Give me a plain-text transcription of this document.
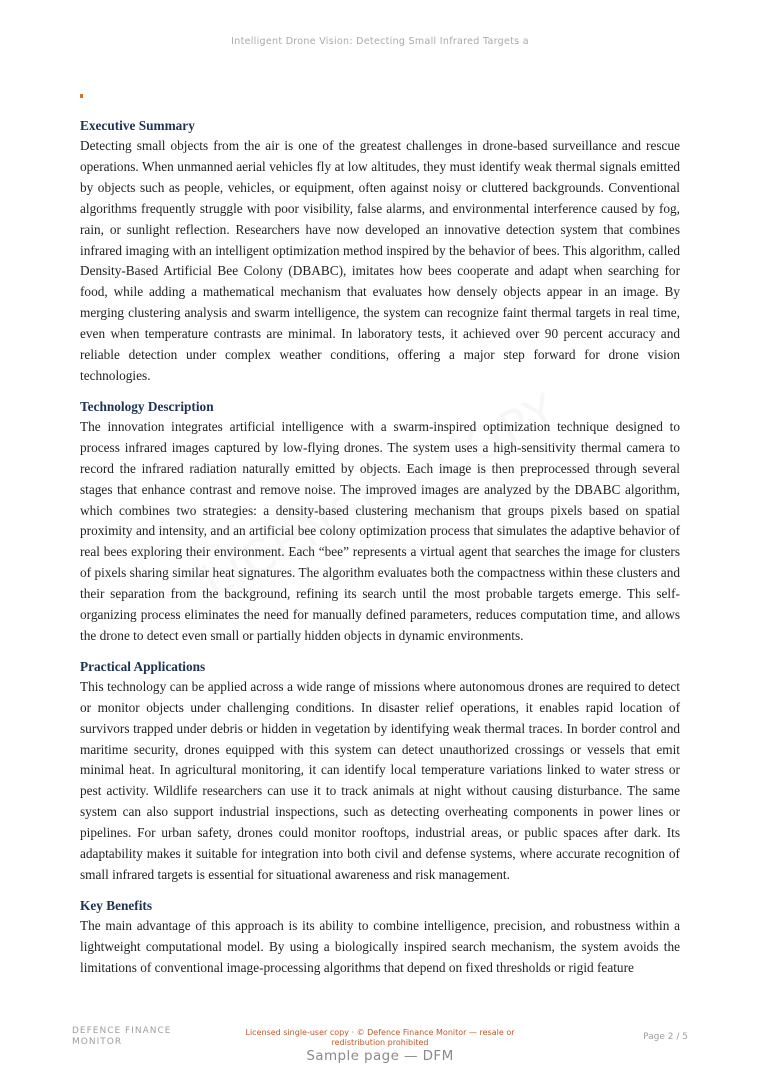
Intelligent Drone Vision: Detecting Small Infrared Targets a
Executive Summary

Detecting small objects from the air is one of the greatest challenges in drone-based surveillance and rescue operations. When unmanned aerial vehicles fly at low altitudes, they must identify weak thermal signals emitted by objects such as people, vehicles, or equipment, often against noisy or cluttered backgrounds. Conventional algorithms frequently struggle with poor visibility, false alarms, and environmental interference caused by fog, rain, or sunlight reflection. Researchers have now developed an innovative detection system that combines infrared imaging with an intelligent optimization method inspired by the behavior of bees. This algorithm, called Density-Based Artificial Bee Colony (DBABC), imitates how bees cooperate and adapt when searching for food, while adding a mathematical mechanism that evaluates how densely objects appear in an image. By merging clustering analysis and swarm intelligence, the system can recognize faint thermal targets in real time, even when temperature contrasts are minimal. In laboratory tests, it achieved over 90 percent accuracy and reliable detection under complex weather conditions, offering a major step forward for drone vision technologies.

Technology Description

The innovation integrates artificial intelligence with a swarm-inspired optimization technique designed to process infrared images captured by low-flying drones. The system uses a high-sensitivity thermal camera to record the infrared radiation naturally emitted by objects. Each image is then preprocessed through several stages that enhance contrast and remove noise. The improved images are analyzed by the DBABC algorithm, which combines two strategies: a density-based clustering mechanism that groups pixels based on spatial proximity and intensity, and an artificial bee colony optimization process that simulates the adaptive behavior of real bees exploring their environment. Each “bee” represents a virtual agent that searches the image for clusters of pixels sharing similar heat signatures. The algorithm evaluates both the compactness within these clusters and their separation from the background, refining its search until the most probable targets emerge. This self-organizing process eliminates the need for manually defined parameters, reduces computation time, and allows the drone to detect even small or partially hidden objects in dynamic environments.

Practical Applications

This technology can be applied across a wide range of missions where autonomous drones are required to detect or monitor objects under challenging conditions. In disaster relief operations, it enables rapid location of survivors trapped under debris or hidden in vegetation by identifying weak thermal traces. In border control and maritime security, drones equipped with this system can detect unauthorized crossings or vessels that emit minimal heat. In agricultural monitoring, it can identify local temperature variations linked to water stress or pest activity. Wildlife researchers can use it to track animals at night without causing disturbance. The same system can also support industrial inspections, such as detecting overheating components in power lines or pipelines. For urban safety, drones could monitor rooftops, industrial areas, or public spaces after dark. Its adaptability makes it suitable for integration into both civil and defense systems, where accurate recognition of small infrared targets is essential for situational awareness and risk management.

Key Benefits

The main advantage of this approach is its ability to combine intelligence, precision, and robustness within a lightweight computational model. By using a biologically inspired search mechanism, the system avoids the limitations of conventional image-processing algorithms that depend on fixed thresholds or rigid feature

DEFENCE FINANCE
MONITOR
Licensed single-user copy · © Defence Finance Monitor — resale or redistribution prohibited
Page 2 / 5
Sample page — DFM
